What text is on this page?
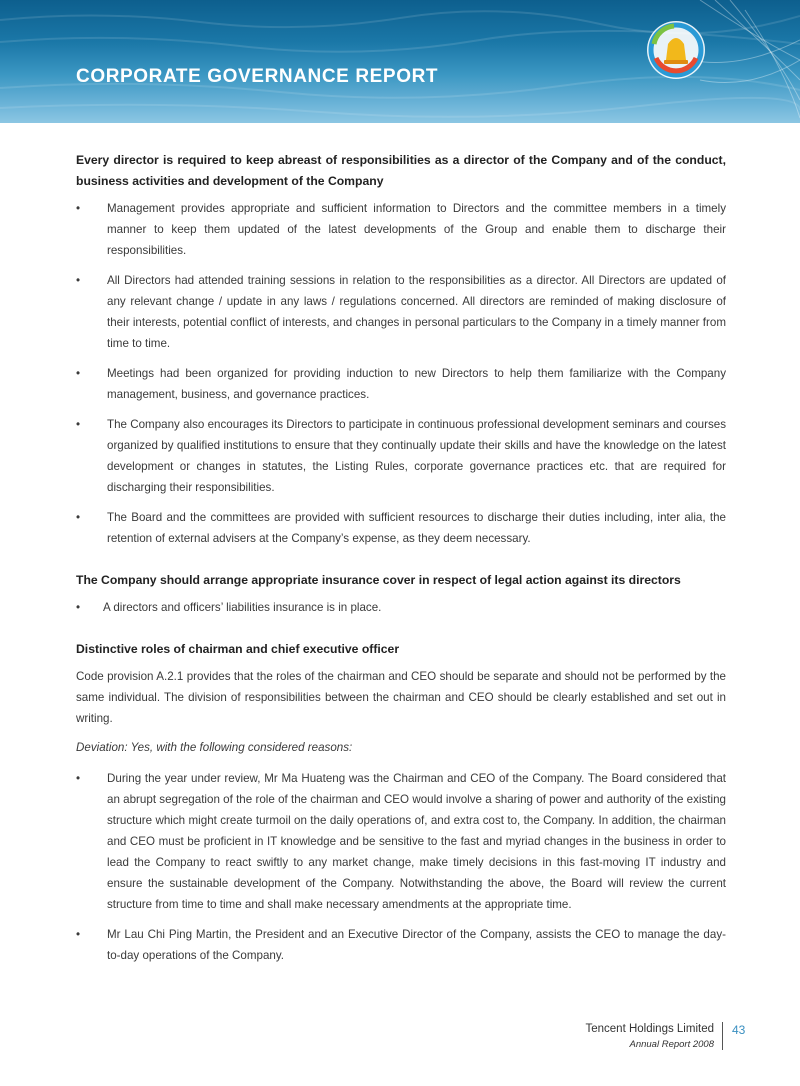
CORPORATE GOVERNANCE REPORT
Every director is required to keep abreast of responsibilities as a director of the Company and of the conduct, business activities and development of the Company
• Management provides appropriate and sufficient information to Directors and the committee members in a timely manner to keep them updated of the latest developments of the Group and enable them to discharge their responsibilities.
• All Directors had attended training sessions in relation to the responsibilities as a director. All Directors are updated of any relevant change / update in any laws / regulations concerned. All directors are reminded of making disclosure of their interests, potential conflict of interests, and changes in personal particulars to the Company in a timely manner from time to time.
• Meetings had been organized for providing induction to new Directors to help them familiarize with the Company management, business, and governance practices.
• The Company also encourages its Directors to participate in continuous professional development seminars and courses organized by qualified institutions to ensure that they continually update their skills and have the knowledge on the latest development or changes in statutes, the Listing Rules, corporate governance practices etc. that are required for discharging their responsibilities.
• The Board and the committees are provided with sufficient resources to discharge their duties including, inter alia, the retention of external advisers at the Company’s expense, as they deem necessary.
The Company should arrange appropriate insurance cover in respect of legal action against its directors
• A directors and officers’ liabilities insurance is in place.
Distinctive roles of chairman and chief executive officer

Code provision A.2.1 provides that the roles of the chairman and CEO should be separate and should not be performed by the same individual. The division of responsibilities between the chairman and CEO should be clearly established and set out in writing.

Deviation: Yes, with the following considered reasons:

• During the year under review, Mr Ma Huateng was the Chairman and CEO of the Company. The Board considered that an abrupt segregation of the role of the chairman and CEO would involve a sharing of power and authority of the existing structure which might create turmoil on the daily operations of, and extra cost to, the Company. In addition, the chairman and CEO must be proficient in IT knowledge and be sensitive to the fast and myriad changes in the business in order to lead the Company to react swiftly to any market change, make timely decisions in this fast-moving IT industry and ensure the sustainable development of the Company. Notwithstanding the above, the Board will review the current structure from time to time and shall make necessary amendments at the appropriate time.
• Mr Lau Chi Ping Martin, the President and an Executive Director of the Company, assists the CEO to manage the day-to-day operations of the Company.
Tencent Holdings Limited
Annual Report 2008
43
